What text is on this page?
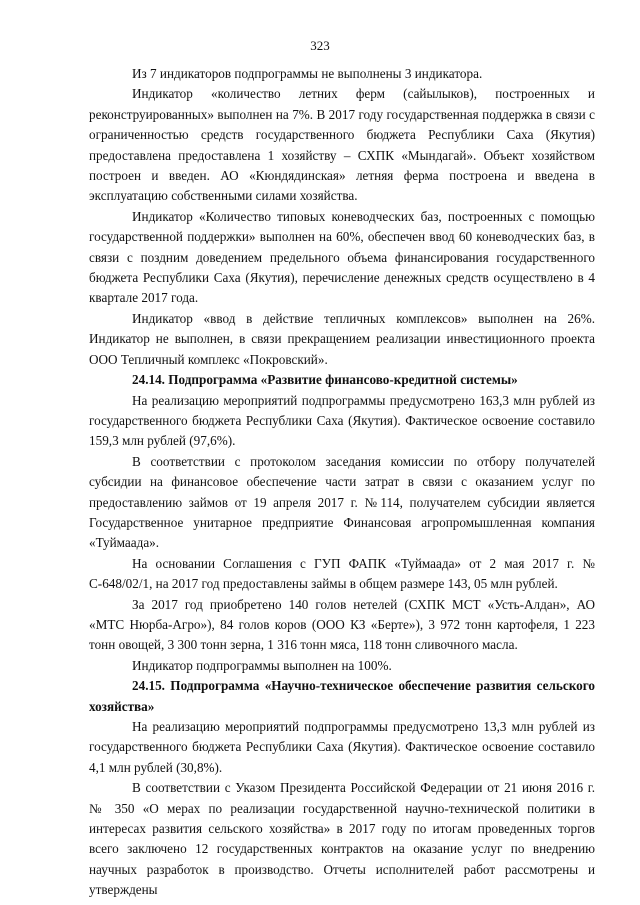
323

Из 7 индикаторов подпрограммы не выполнены 3 индикатора.

Индикатор «количество летних ферм (сайылыков), построенных и реконструированных» выполнен на 7%. В 2017 году государственная поддержка в связи с ограниченностью средств государственного бюджета Республики Саха (Якутия) предоставлена предоставлена 1 хозяйству – СХПК «Мындагай». Объект хозяйством построен и введен. АО «Кюндядинская» летняя ферма построена и введена в эксплуатацию собственными силами хозяйства.

Индикатор «Количество типовых коневодческих баз, построенных с помощью государственной поддержки» выполнен на 60%, обеспечен ввод 60 коневодческих баз, в связи с поздним доведением предельного объема финансирования государственного бюджета Республики Саха (Якутия), перечисление денежных средств осуществлено в 4 квартале 2017 года.

Индикатор «ввод в действие тепличных комплексов» выполнен на 26%. Индикатор не выполнен, в связи прекращением реализации инвестиционного проекта ООО Тепличный комплекс «Покровский».

24.14. Подпрограмма «Развитие финансово-кредитной системы»

На реализацию мероприятий подпрограммы предусмотрено 163,3 млн рублей из государственного бюджета Республики Саха (Якутия). Фактическое освоение составило 159,3 млн рублей (97,6%).

В соответствии с протоколом заседания комиссии по отбору получателей субсидии на финансовое обеспечение части затрат в связи с оказанием услуг по предоставлению займов от 19 апреля 2017 г. №114, получателем субсидии является Государственное унитарное предприятие Финансовая агропромышленная компания «Туймаада».

На основании Соглашения с ГУП ФАПК «Туймаада» от 2 мая 2017 г. № С-648/02/1, на 2017 год предоставлены займы в общем размере 143, 05 млн рублей.

За 2017 год приобретено 140 голов нетелей (СХПК МСТ «Усть-Алдан», АО «МТС Нюрба-Агро»), 84 голов коров (ООО КЗ «Берте»), 3 972 тонн картофеля, 1 223 тонн овощей, 3 300 тонн зерна, 1 316 тонн мяса, 118 тонн сливочного масла.

Индикатор подпрограммы выполнен на 100%.

24.15. Подпрограмма «Научно-техническое обеспечение развития сельского хозяйства»

На реализацию мероприятий подпрограммы предусмотрено 13,3 млн рублей из государственного бюджета Республики Саха (Якутия). Фактическое освоение составило 4,1 млн рублей (30,8%).

В соответствии с Указом Президента Российской Федерации от 21 июня 2016 г. № 350 «О мерах по реализации государственной научно-технической политики в интересах развития сельского хозяйства» в 2017 году по итогам проведенных торгов всего заключено 12 государственных контрактов на оказание услуг по внедрению научных разработок в производство. Отчеты исполнителей работ рассмотрены и утверждены
